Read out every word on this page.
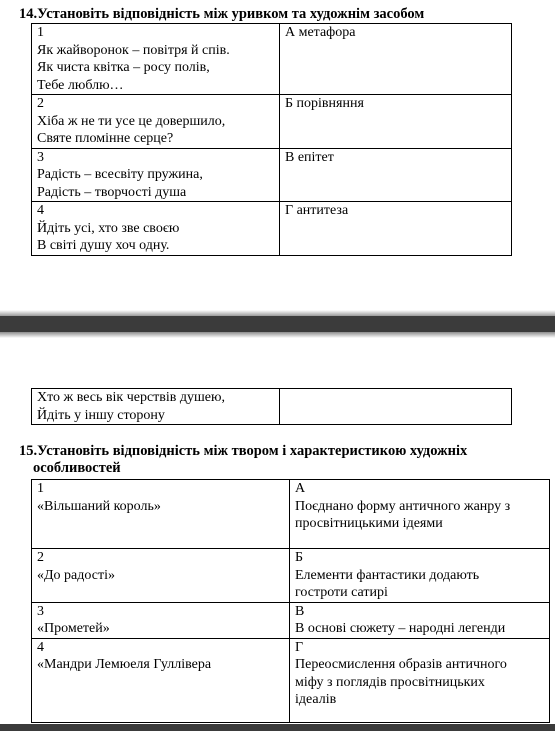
14.Установіть відповідність між уривком та художнім засобом

1
Як жайворонок – повітря й спів.
Як чиста квітка – росу полів,
Тебе люблю…	А метафора

2
Хіба ж не ти усе це довершило,
Святе пломінне серце?	Б порівняння

3
Радість – всесвіту пружина,
Радість – творчості душа	В епітет

4
Йдіть усі, хто зве своєю
В світі душу хоч одну.	Г антитеза
Хто ж весь вік черствів душею,
Йдіть у іншу сторону

15.Установіть відповідність між твором і характеристикою художніх
особливостей

1
«Вільшаний король»	А
Поєднано форму античного жанру з
просвітницькими ідеями

2
«До радості»	Б
Елементи фантастики додають
гостроти сатирі

3
«Прометей»	В
В основі сюжету – народні легенди

4
«Мандри Лемюеля Гуллівера	Г
Переосмислення образів античного
міфу з поглядів просвітницьких
ідеалів
